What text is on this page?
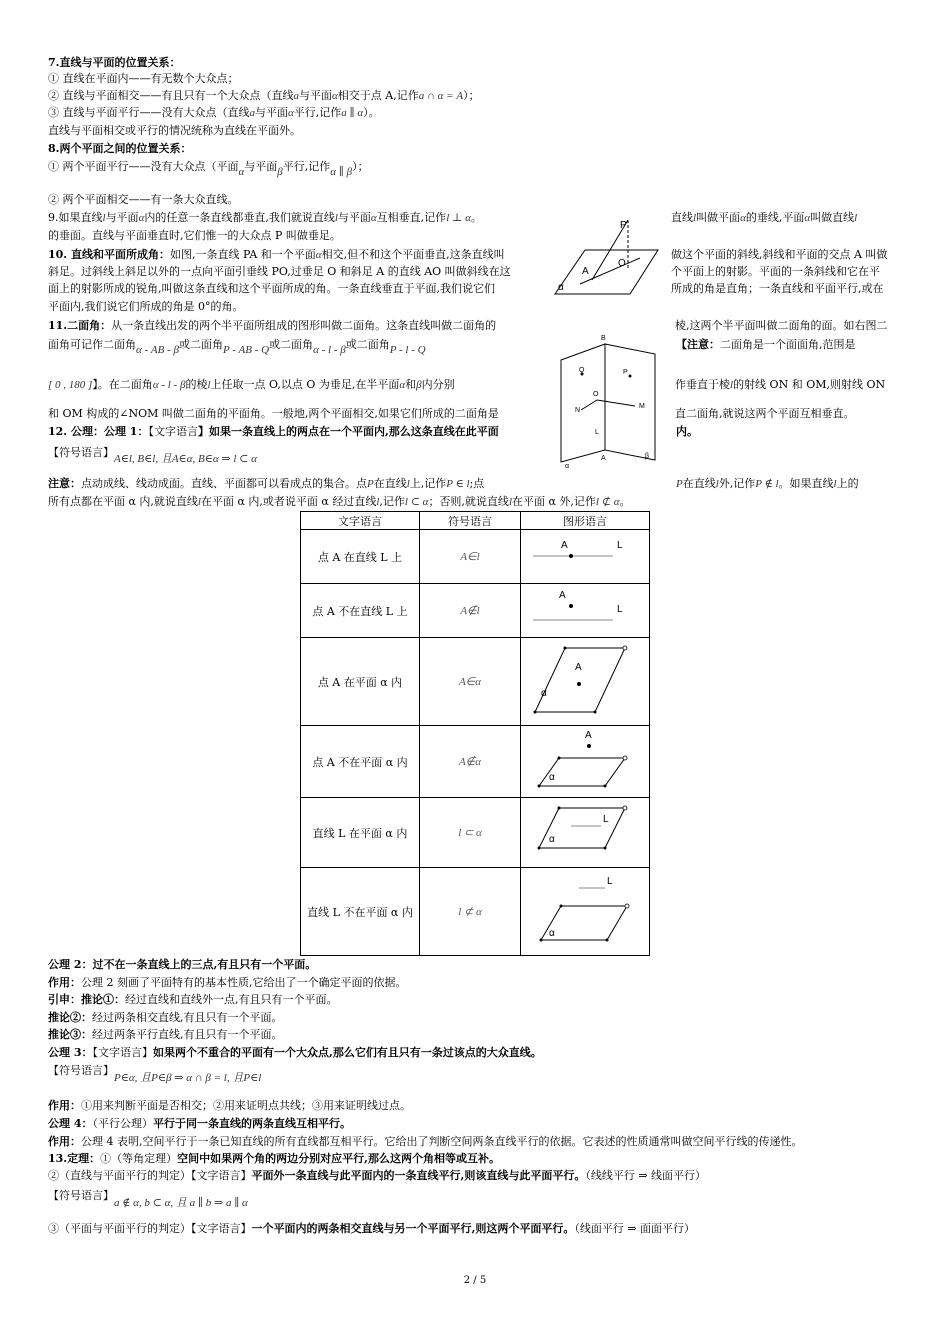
7.直线与平面的位置关系：
① 直线在平面内——有无数个大众点；
② 直线与平面相交——有且只有一个大众点（直线a与平面α相交于点 A,记作a ∩ α = A）；
③ 直线与平面平行——没有大众点（直线a与平面α平行,记作a ∥ α）。
直线与平面相交或平行的情况统称为直线在平面外。
8.两个平面之间的位置关系：
① 两个平面平行——没有大众点（平面α与平面β平行,记作α ∥ β）；
② 两个平面相交——有一条大众直线。
9.如果直线l与平面α内的任意一条直线都垂直,我们就说直线l与平面α互相垂直,记作l ⊥ α。	直线l叫做平面α的垂线,平面α叫做直线l
的垂面。直线与平面垂直时,它们惟一的大众点 P 叫做垂足。
10. 直线和平面所成角：如图,一条直线 PA 和一个平面α相交,但不和这个平面垂直,这条直线叫
斜足。过斜线上斜足以外的一点向平面引垂线 PO,过垂足 O 和斜足 A 的直线 AO 叫做斜线在这
面上的射影所成的锐角,叫做这条直线和这个平面所成的角。一条直线垂直于平面,我们说它们
平面内,我们说它们所成的角是 0°的角。
做这个平面的斜线,斜线和平面的交点 A 叫做
个平面上的射影。平面的一条斜线和它在平
所成的角是直角；一条直线和平面平行,或在
P
A
O
α
11.二面角：从一条直线出发的两个半平面所组成的图形叫做二面角。这条直线叫做二面角的	棱,这两个半平面叫做二面角的面。如右图二
面角可记作二面角α - AB - β或二面角P - AB - Q或二面角α - l - β或二面角P - l - Q	【注意：二面角是一个面面角,范围是
[ 0 , 180 ]】。在二面角α - l - β的棱l上任取一点 O,以点 O 为垂足,在半平面α和β内分别	作垂直于棱l的射线 ON 和 OM,则射线 ON
和 OM 构成的∠NOM 叫做二面角的平面角。一般地,两个平面相交,如果它们所成的二面角是	直二面角,就说这两个平面互相垂直。
B
Q	P
O
N
M
L
A
α
β
12. 公理：公理 1：【文字语言】如果一条直线上的两点在一个平面内,那么这条直线在此平面	内。
【符号语言】A∈l, B∈l, 且A∈α, B∈α ⇒ l ⊂ α
注意：点动成线、线动成面。直线、平面都可以看成点的集合。点P在直线l上,记作P ∈ l;点	P在直线l外,记作P ∉ l。如果直线l上的
所有点都在平面 α 内,就说直线l在平面 α 内,或者说平面 α 经过直线l,记作l ⊂ α；否则,就说直线l在平面 α 外,记作l ⊄ α。
文字语言	符号语言	图形语言
点 A 在直线 L 上	A∈l	A L

点 A 不在直线 L 上	A∉l	A
L

点 A 在平面 α 内	A∈α	A
α

点 A 不在平面 α 内	A∉α	A
α

直线 L 在平面 α 内	l ⊂ α	L
α

直线 L 不在平面 α 内	l ⊄ α	L
α
公理 2：过不在一条直线上的三点,有且只有一个平面。
作用：公理 2 刻画了平面特有的基本性质,它给出了一个确定平面的依据。
引申：推论①：经过直线和直线外一点,有且只有一个平面。
推论②：经过两条相交直线,有且只有一个平面。
推论③：经过两条平行直线,有且只有一个平面。
公理 3：【文字语言】如果两个不重合的平面有一个大众点,那么它们有且只有一条过该点的大众直线。
【符号语言】P∈α, 且P∈β ⇒ α ∩ β = l, 且P∈l
作用：①用来判断平面是否相交；②用来证明点共线；③用来证明线过点。
公理 4：（平行公理）平行于同一条直线的两条直线互相平行。
作用：公理 4 表明,空间平行于一条已知直线的所有直线都互相平行。它给出了判断空间两条直线平行的依据。它表述的性质通常叫做空间平行线的传递性。
13.定理：①（等角定理）空间中如果两个角的两边分别对应平行,那么这两个角相等或互补。
②（直线与平面平行的判定）【文字语言】平面外一条直线与此平面内的一条直线平行,则该直线与此平面平行。（线线平行 ⇒ 线面平行）
【符号语言】a ∉ α, b ⊂ α, 且 a ∥ b ⇒ a ∥ α
③（平面与平面平行的判定）【文字语言】一个平面内的两条相交直线与另一个平面平行,则这两个平面平行。（线面平行 ⇒ 面面平行）
2 / 5
